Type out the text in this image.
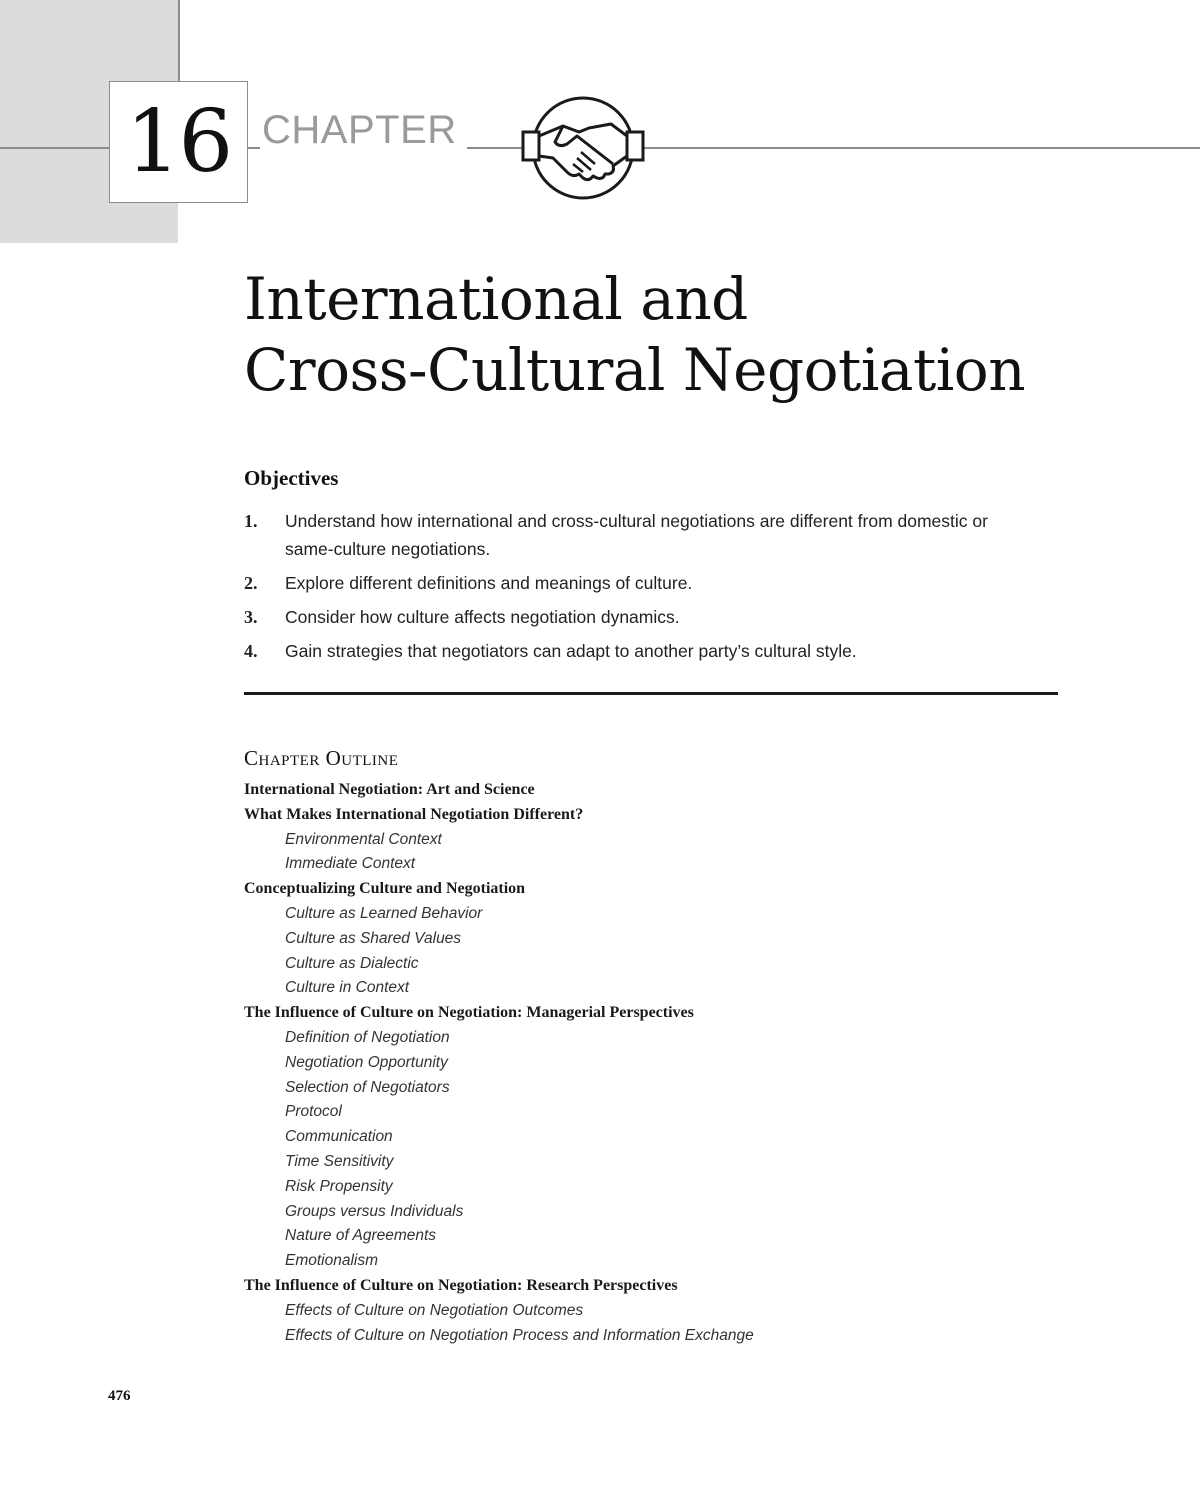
16 CHAPTER
International and
Cross-Cultural Negotiation
Objectives
1.	Understand how international and cross-cultural negotiations are different from domestic or same-culture negotiations.
2.	Explore different definitions and meanings of culture.
3.	Consider how culture affects negotiation dynamics.
4.	Gain strategies that negotiators can adapt to another party’s cultural style.
Chapter Outline
International Negotiation: Art and Science
What Makes International Negotiation Different?
Environmental Context
Immediate Context
Conceptualizing Culture and Negotiation
Culture as Learned Behavior
Culture as Shared Values
Culture as Dialectic
Culture in Context
The Influence of Culture on Negotiation: Managerial Perspectives
Definition of Negotiation
Negotiation Opportunity
Selection of Negotiators
Protocol
Communication
Time Sensitivity
Risk Propensity
Groups versus Individuals
Nature of Agreements
Emotionalism
The Influence of Culture on Negotiation: Research Perspectives
Effects of Culture on Negotiation Outcomes
Effects of Culture on Negotiation Process and Information Exchange
476
